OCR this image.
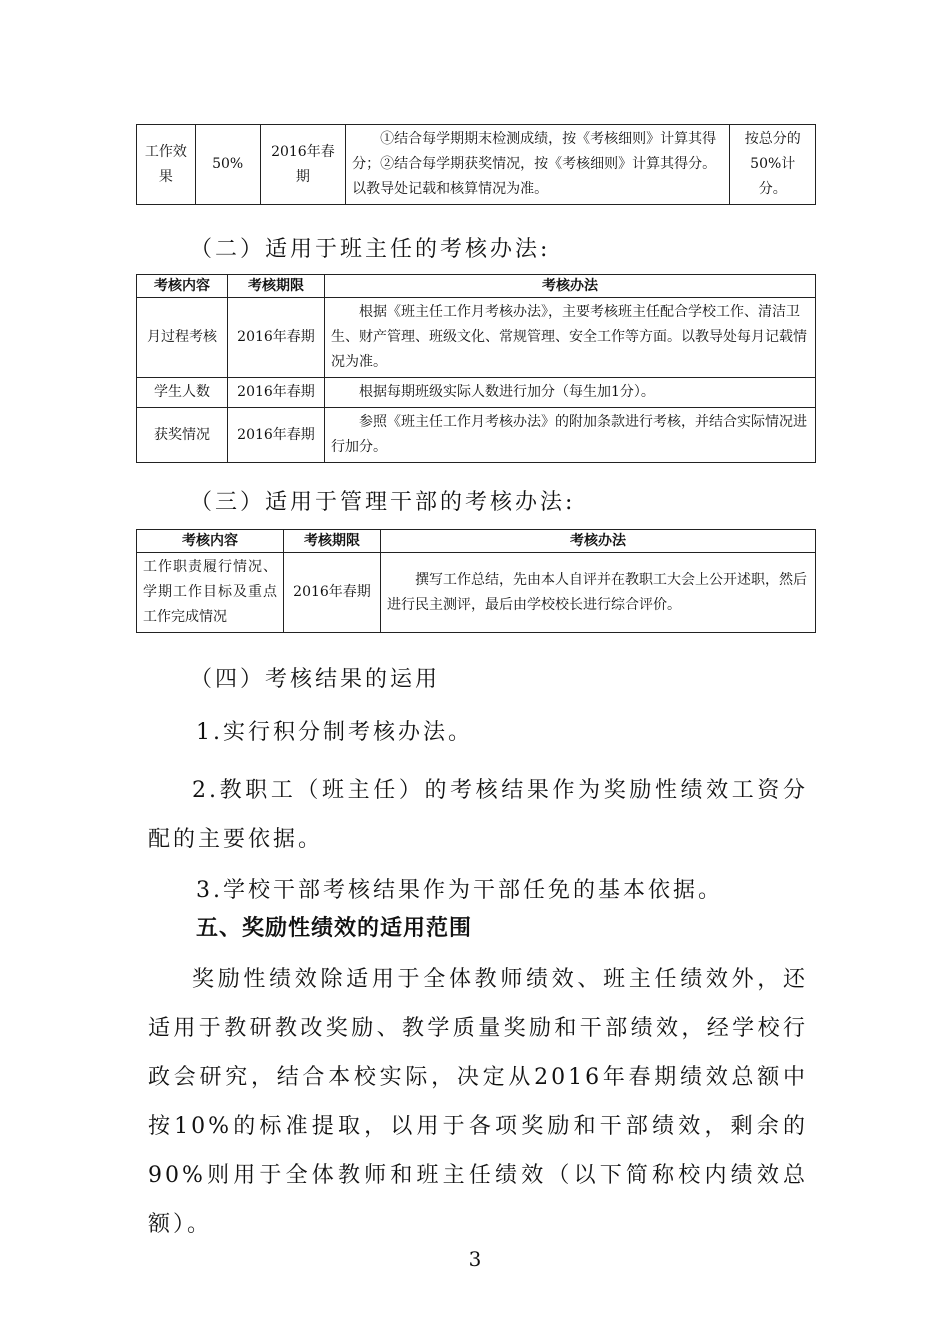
工作效果	50%	2016年春期	①结合每学期期末检测成绩，按《考核细则》计算其得分；②结合每学期获奖情况，按《考核细则》计算其得分。以教导处记载和核算情况为准。	按总分的50%计分。

（二）适用于班主任的考核办法:

考核内容	考核期限	考核办法
月过程考核	2016年春期	根据《班主任工作月考核办法》，主要考核班主任配合学校工作、清洁卫生、财产管理、班级文化、常规管理、安全工作等方面。以教导处每月记载情况为准。
学生人数	2016年春期	根据每期班级实际人数进行加分（每生加1分）。
获奖情况	2016年春期	参照《班主任工作月考核办法》的附加条款进行考核，并结合实际情况进行加分。

（三）适用于管理干部的考核办法:

考核内容	考核期限	考核办法
工作职责履行情况、学期工作目标及重点工作完成情况	2016年春期	撰写工作总结，先由本人自评并在教职工大会上公开述职，然后进行民主测评，最后由学校校长进行综合评价。

（四）考核结果的运用

1.实行积分制考核办法。

2.教职工（班主任）的考核结果作为奖励性绩效工资分配的主要依据。

3.学校干部考核结果作为干部任免的基本依据。

五、奖励性绩效的适用范围

奖励性绩效除适用于全体教师绩效、班主任绩效外，还适用于教研教改奖励、教学质量奖励和干部绩效，经学校行政会研究，结合本校实际，决定从2016年春期绩效总额中按10%的标准提取，以用于各项奖励和干部绩效，剩余的90%则用于全体教师和班主任绩效（以下简称校内绩效总额）。

3
